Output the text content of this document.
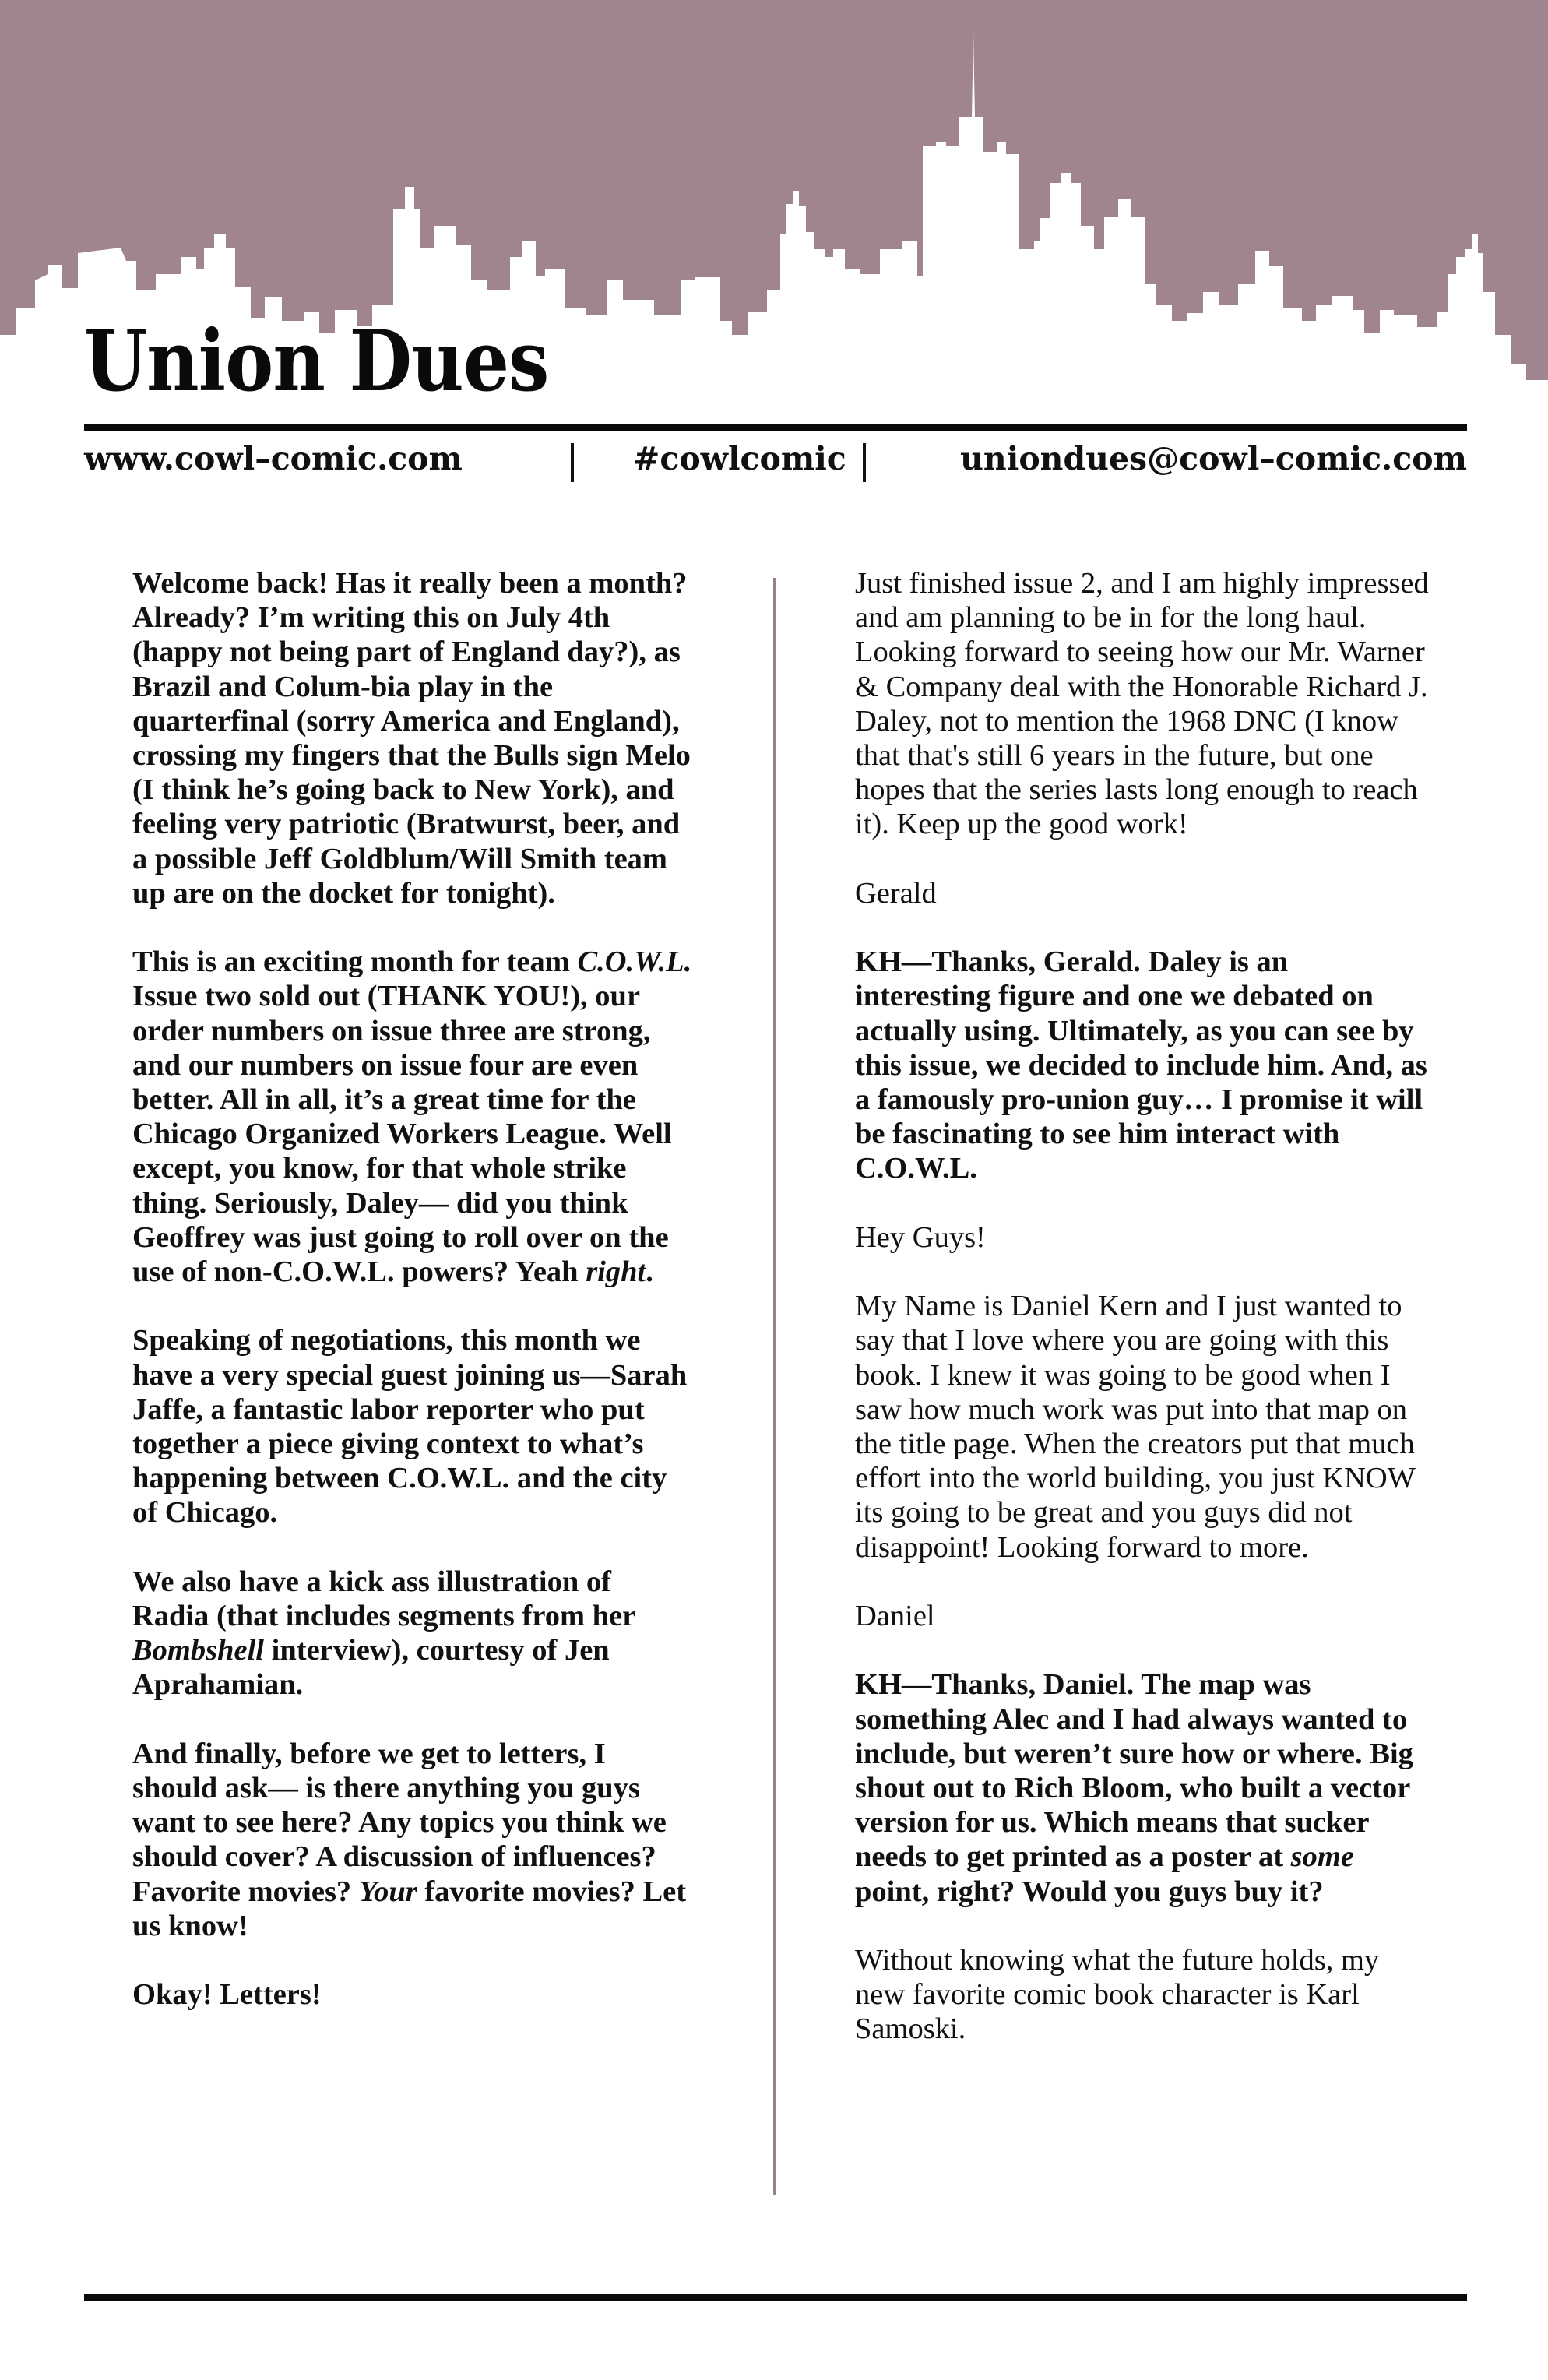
Union Dues
www.cowl–comic.com	#cowlcomic	uniondues@cowl–comic.com

Welcome back! Has it really been a month? Already? I’m writing this on July 4th (happy not being part of England day?), as Brazil and Colum-bia play in the quarterfinal (sorry America and England), crossing my fingers that the Bulls sign Melo (I think he’s going back to New York), and feeling very patriotic (Bratwurst, beer, and a possible Jeff Goldblum/Will Smith team up are on the docket for tonight).

This is an exciting month for team C.O.W.L. Issue two sold out (THANK YOU!), our order numbers on issue three are strong, and our numbers on issue four are even better. All in all, it’s a great time for the Chicago Organized Workers League. Well except, you know, for that whole strike thing. Seriously, Daley— did you think Geoffrey was just going to roll over on the use of non-C.O.W.L. powers? Yeah right.

Speaking of negotiations, this month we have a very special guest joining us—Sarah Jaffe, a fantastic labor reporter who put together a piece giving context to what’s happening between C.O.W.L. and the city of Chicago.

We also have a kick ass illustration of Radia (that includes segments from her Bombshell interview), courtesy of Jen Aprahamian.

And finally, before we get to letters, I should ask— is there anything you guys want to see here? Any topics you think we should cover? A discussion of influences? Favorite movies? Your favorite movies? Let us know!

Okay! Letters!

Just finished issue 2, and I am highly impressed and am planning to be in for the long haul. Looking forward to seeing how our Mr. Warner & Company deal with the Honorable Richard J. Daley, not to mention the 1968 DNC (I know that that's still 6 years in the future, but one hopes that the series lasts long enough to reach it). Keep up the good work!

Gerald

KH—Thanks, Gerald. Daley is an interesting figure and one we debated on actually using. Ultimately, as you can see by this issue, we decided to include him. And, as a famously pro-union guy… I promise it will be fascinating to see him interact with C.O.W.L.

Hey Guys!

My Name is Daniel Kern and I just wanted to say that I love where you are going with this book. I knew it was going to be good when I saw how much work was put into that map on the title page. When the creators put that much effort into the world building, you just KNOW its going to be great and you guys did not disappoint! Looking forward to more.

Daniel

KH—Thanks, Daniel. The map was something Alec and I had always wanted to include, but weren’t sure how or where. Big shout out to Rich Bloom, who built a vector version for us. Which means that sucker needs to get printed as a poster at some point, right? Would you guys buy it?

Without knowing what the future holds, my new favorite comic book character is Karl Samoski.
